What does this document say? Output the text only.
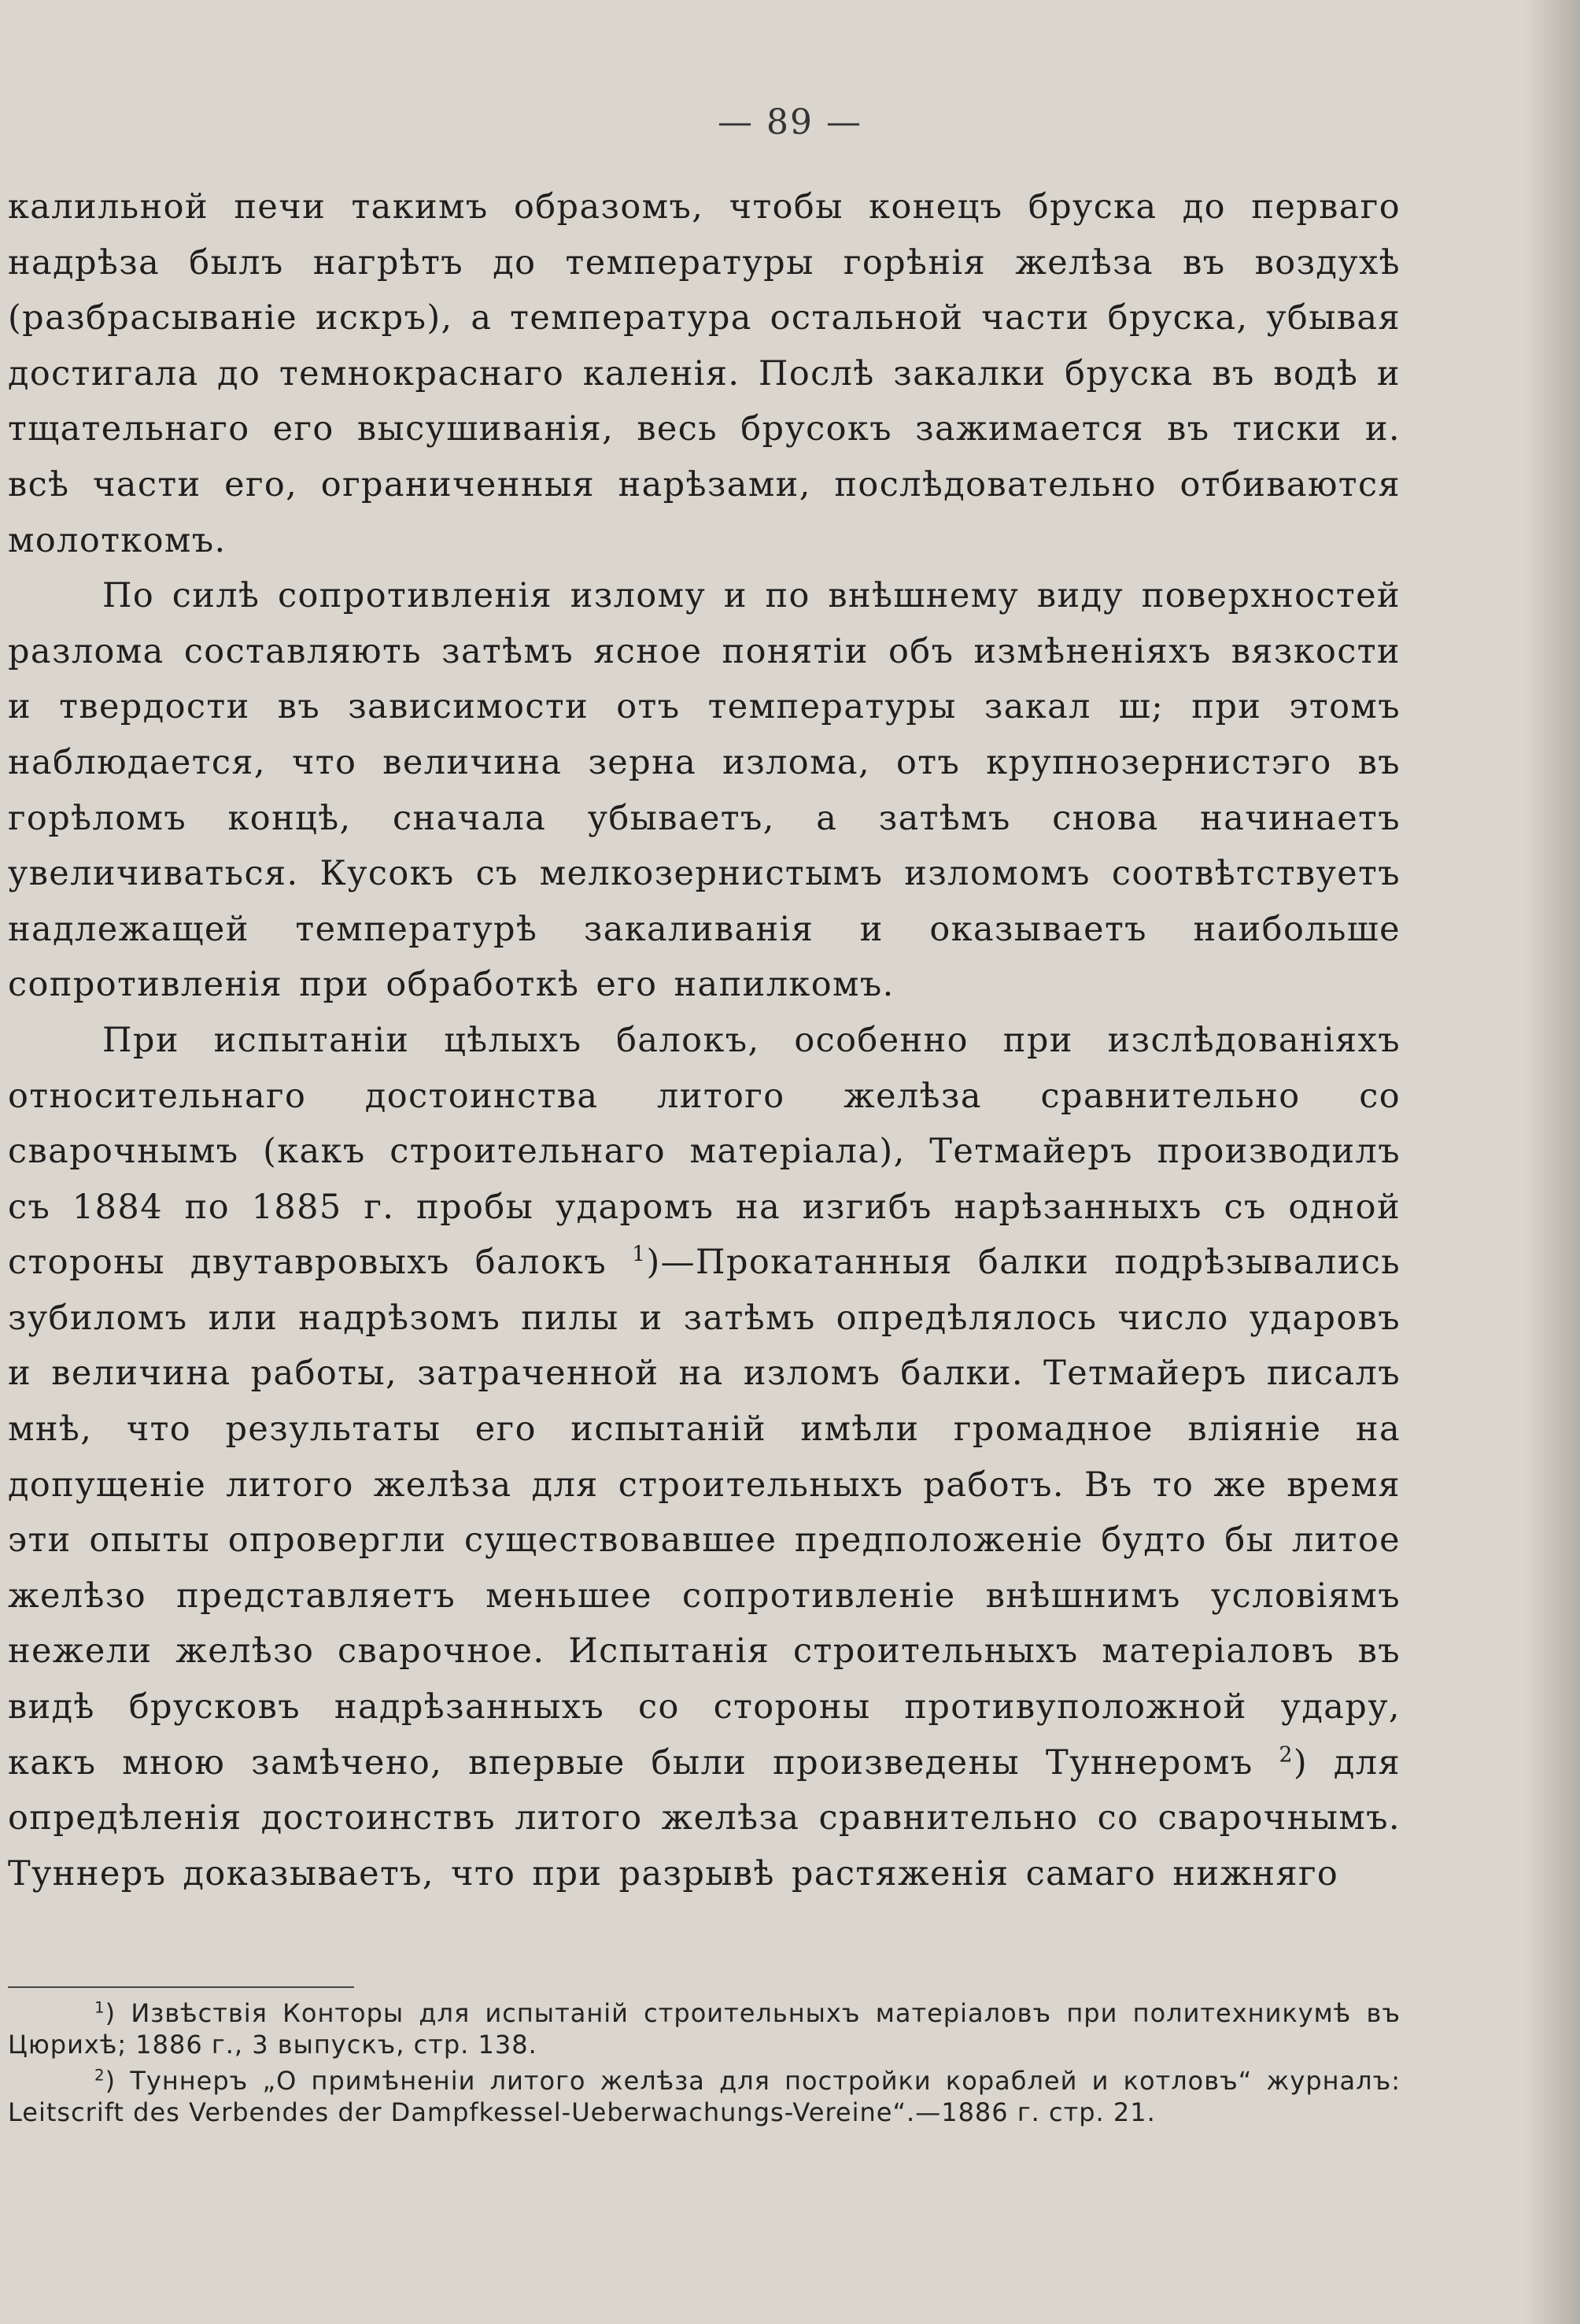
— 89 —

калильной печи такимъ образомъ, чтобы конецъ бруска до перваго надрѣза былъ нагрѣтъ до температуры горѣнія желѣза въ воздухѣ (разбрасываніе искръ), а температура остальной части бруска, убывая достигала до темнокраснаго каленія. Послѣ закалки бруска въ водѣ и тщательнаго его высушиванія, весь брусокъ зажимается въ тиски и. всѣ части его, ограниченныя нарѣзами, послѣдовательно отбиваются молоткомъ.

По силѣ сопротивленія излому и по внѣшнему виду поверхностей разлома составляють затѣмъ ясное понятіи объ измѣненіяхъ вязкости и твердости въ зависимости отъ температуры закал ш; при этомъ наблюдается, что величина зерна излома, отъ крупнозернистэго въ горѣломъ концѣ, сначала убываетъ, а затѣмъ снова начинаетъ увеличиваться. Кусокъ съ мелкозернистымъ изломомъ соотвѣтствуетъ надлежащей температурѣ закаливанія и оказываетъ наибольше сопротивленія при обработкѣ его напилкомъ.

При испытаніи цѣлыхъ балокъ, особенно при изслѣдованіяхъ относительнаго достоинства литого желѣза сравнительно со сварочнымъ (какъ строительнаго матеріала), Тетмайеръ производилъ съ 1884 по 1885 г. пробы ударомъ на изгибъ нарѣзанныхъ съ одной стороны двутавровыхъ балокъ $^1$)—Прокатанныя балки подрѣзывались зубиломъ или надрѣзомъ пилы и затѣмъ опредѣлялось число ударовъ и величина работы, затраченной на изломъ балки. Тетмайеръ писалъ мнѣ, что результаты его испытаній имѣли громадное вліяніе на допущеніе литого желѣза для строительныхъ работъ. Въ то же время эти опыты опровергли существовавшее предположеніе будто бы литое желѣзо представляетъ меньшее сопротивленіе внѣшнимъ условіямъ нежели желѣзо сварочное. Испытанія строительныхъ матеріаловъ въ видѣ брусковъ надрѣзанныхъ со стороны противуположной удару, какъ мною замѣчено, впервые были произведены Туннеромъ $^2$) для опредѣленія достоинствъ литого желѣза сравнительно со сварочнымъ. Туннеръ доказываетъ, что при разрывѣ растяженія самаго нижняго

$^1$) Извѣствія Конторы для испытаній строительныхъ матеріаловъ при политехникумѣ въ Цюрихѣ; 1886 г., 3 выпускъ, стр. 138.

$^2$) Туннеръ „О примѣненіи литого желѣза для постройки кораблей и котловъ“ журналъ: Leitscrift des Verbendes der Dampfkessel-Ueberwachungs-Vereine“.—1886 г. стр. 21.
